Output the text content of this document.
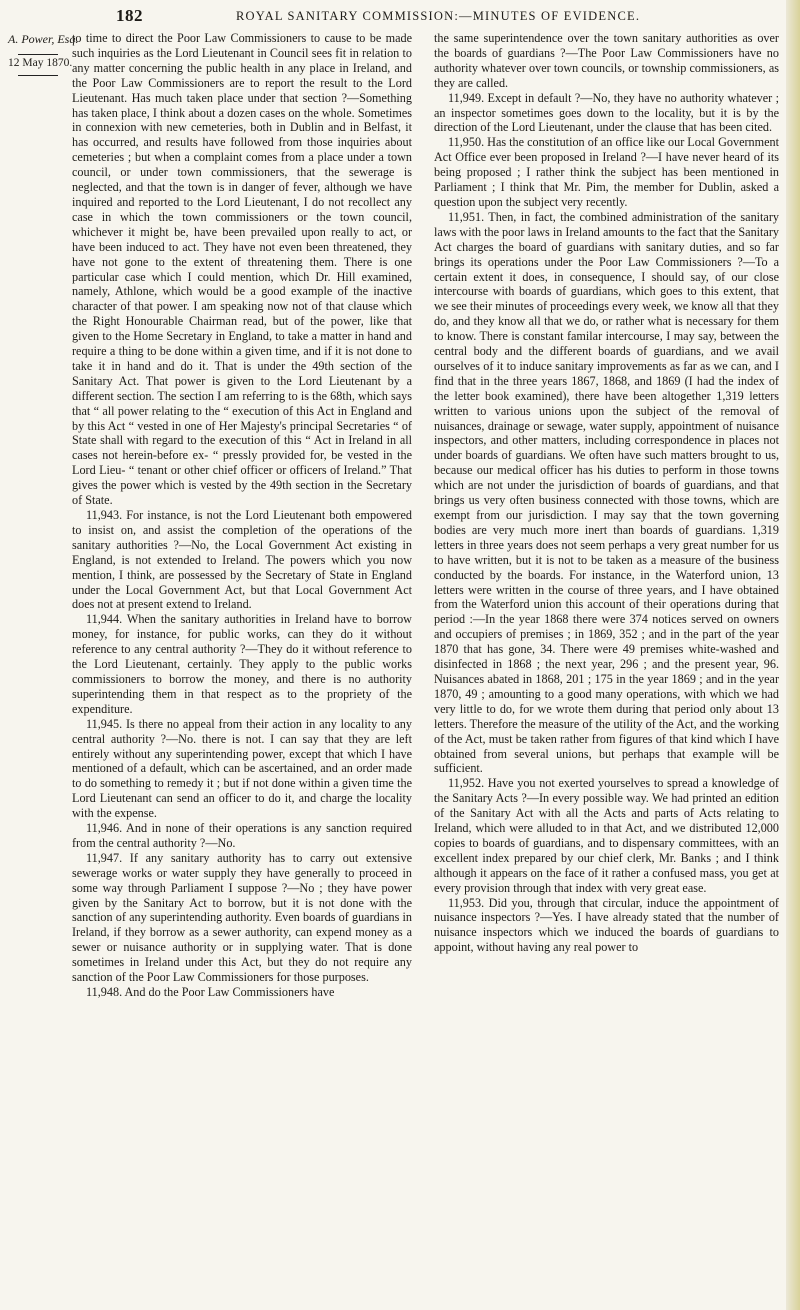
182	ROYAL SANITARY COMMISSION:—MINUTES OF EVIDENCE.
A. Power, Esq.
12 May 1870.

to time to direct the Poor Law Commissioners to cause to be made such inquiries as the Lord Lieutenant in Council sees fit in relation to any matter concerning the public health in any place in Ireland, and the Poor Law Commissioners are to report the result to the Lord Lieutenant. Has much taken place under that section ?—Something has taken place, I think about a dozen cases on the whole. Sometimes in connexion with new cemeteries, both in Dublin and in Belfast, it has occurred, and results have followed from those inquiries about cemeteries ; but when a complaint comes from a place under a town council, or under town commissioners, that the sewerage is neglected, and that the town is in danger of fever, although we have inquired and reported to the Lord Lieutenant, I do not recollect any case in which the town commissioners or the town council, whichever it might be, have been prevailed upon really to act, or have been induced to act. They have not even been threatened, they have not gone to the extent of threatening them. There is one particular case which I could mention, which Dr. Hill examined, namely, Athlone, which would be a good example of the inactive character of that power. I am speaking now not of that clause which the Right Honourable Chairman read, but of the power, like that given to the Home Secretary in England, to take a matter in hand and require a thing to be done within a given time, and if it is not done to take it in hand and do it. That is under the 49th section of the Sanitary Act. That power is given to the Lord Lieutenant by a different section. The section I am referring to is the 68th, which says that “ all power relating to the “ execution of this Act in England and by this Act “ vested in one of Her Majesty's principal Secretaries “ of State shall with regard to the execution of this “ Act in Ireland in all cases not herein-before ex- “ pressly provided for, be vested in the Lord Lieu- “ tenant or other chief officer or officers of Ireland.” That gives the power which is vested by the 49th section in the Secretary of State.

11,943. For instance, is not the Lord Lieutenant both empowered to insist on, and assist the completion of the operations of the sanitary authorities ?—No, the Local Government Act existing in England, is not extended to Ireland. The powers which you now mention, I think, are possessed by the Secretary of State in England under the Local Government Act, but that Local Government Act does not at present extend to Ireland.

11,944. When the sanitary authorities in Ireland have to borrow money, for instance, for public works, can they do it without reference to any central authority ?—They do it without reference to the Lord Lieutenant, certainly. They apply to the public works commissioners to borrow the money, and there is no authority superintending them in that respect as to the propriety of the expenditure.

11,945. Is there no appeal from their action in any locality to any central authority ?—No. there is not. I can say that they are left entirely without any superintending power, except that which I have mentioned of a default, which can be ascertained, and an order made to do something to remedy it ; but if not done within a given time the Lord Lieutenant can send an officer to do it, and charge the locality with the expense.

11,946. And in none of their operations is any sanction required from the central authority ?—No.

11,947. If any sanitary authority has to carry out extensive sewerage works or water supply they have generally to proceed in some way through Parliament I suppose ?—No ; they have power given by the Sanitary Act to borrow, but it is not done with the sanction of any superintending authority. Even boards of guardians in Ireland, if they borrow as a sewer authority, can expend money as a sewer or nuisance authority or in supplying water. That is done sometimes in Ireland under this Act, but they do not require any sanction of the Poor Law Commissioners for those purposes.

11,948. And do the Poor Law Commissioners have

the same superintendence over the town sanitary authorities as over the boards of guardians ?—The Poor Law Commissioners have no authority whatever over town councils, or township commissioners, as they are called.

11,949. Except in default ?—No, they have no authority whatever ; an inspector sometimes goes down to the locality, but it is by the direction of the Lord Lieutenant, under the clause that has been cited.

11,950. Has the constitution of an office like our Local Government Act Office ever been proposed in Ireland ?—I have never heard of its being proposed ; I rather think the subject has been mentioned in Parliament ; I think that Mr. Pim, the member for Dublin, asked a question upon the subject very recently.

11,951. Then, in fact, the combined administration of the sanitary laws with the poor laws in Ireland amounts to the fact that the Sanitary Act charges the board of guardians with sanitary duties, and so far brings its operations under the Poor Law Commissioners ?—To a certain extent it does, in consequence, I should say, of our close intercourse with boards of guardians, which goes to this extent, that we see their minutes of proceedings every week, we know all that they do, and they know all that we do, or rather what is necessary for them to know. There is constant familar intercourse, I may say, between the central body and the different boards of guardians, and we avail ourselves of it to induce sanitary improvements as far as we can, and I find that in the three years 1867, 1868, and 1869 (I had the index of the letter book examined), there have been altogether 1,319 letters written to various unions upon the subject of the removal of nuisances, drainage or sewage, water supply, appointment of nuisance inspectors, and other matters, including correspondence in places not under boards of guardians. We often have such matters brought to us, because our medical officer has his duties to perform in those towns which are not under the jurisdiction of boards of guardians, and that brings us very often business connected with those towns, which are exempt from our jurisdiction. I may say that the town governing bodies are very much more inert than boards of guardians. 1,319 letters in three years does not seem perhaps a very great number for us to have written, but it is not to be taken as a measure of the business conducted by the boards. For instance, in the Waterford union, 13 letters were written in the course of three years, and I have obtained from the Waterford union this account of their operations during that period :—In the year 1868 there were 374 notices served on owners and occupiers of premises ; in 1869, 352 ; and in the part of the year 1870 that has gone, 34. There were 49 premises white-washed and disinfected in 1868 ; the next year, 296 ; and the present year, 96. Nuisances abated in 1868, 201 ; 175 in the year 1869 ; and in the year 1870, 49 ; amounting to a good many operations, with which we had very little to do, for we wrote them during that period only about 13 letters. Therefore the measure of the utility of the Act, and the working of the Act, must be taken rather from figures of that kind which I have obtained from several unions, but perhaps that example will be sufficient.

11,952. Have you not exerted yourselves to spread a knowledge of the Sanitary Acts ?—In every possible way. We had printed an edition of the Sanitary Act with all the Acts and parts of Acts relating to Ireland, which were alluded to in that Act, and we distributed 12,000 copies to boards of guardians, and to dispensary committees, with an excellent index prepared by our chief clerk, Mr. Banks ; and I think although it appears on the face of it rather a confused mass, you get at every provision through that index with very great ease.

11,953. Did you, through that circular, induce the appointment of nuisance inspectors ?—Yes. I have already stated that the number of nuisance inspectors which we induced the boards of guardians to appoint, without having any real power to
